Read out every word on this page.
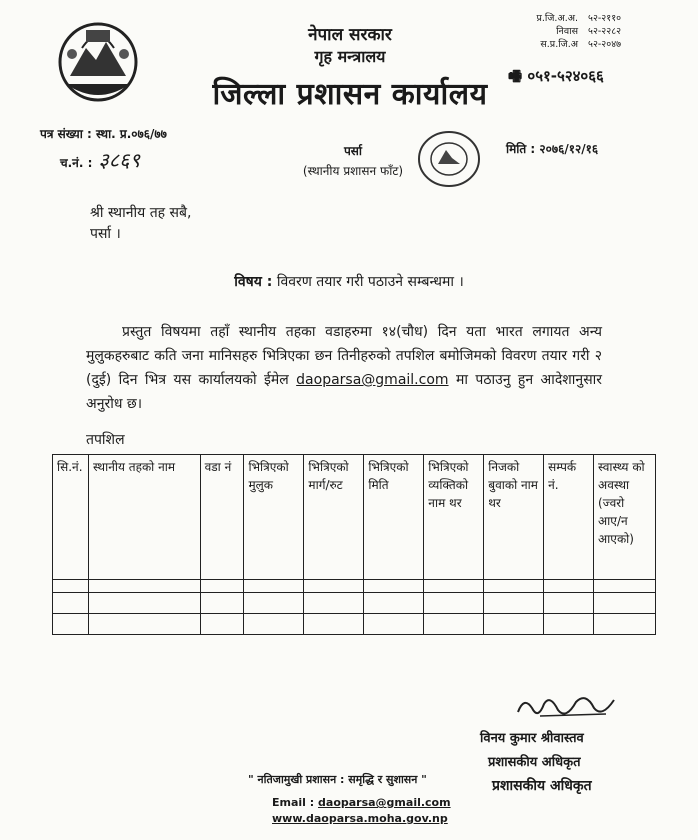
नेपाल सरकार
गृह मन्त्रालय
जिल्ला प्रशासन कार्यालय
प्र.जि.अ.अ. ५२-२११०
निवास ५२-२२८२
स.प्र.जि.अ ५२-२०४७
🖷 ०५१-५२४०६६
पत्र संख्या : स्था. प्र.०७६/७७
च.नं. : ३८६९	पर्सा
(स्थानीय प्रशासन फाँट)
मिति : २०७६/१२/१६
श्री स्थानीय तह सबै,
पर्सा ।
विषय : विवरण तयार गरी पठाउने सम्बन्धमा ।
प्रस्तुत विषयमा तहाँ स्थानीय तहका वडाहरुमा १४(चौध) दिन यता भारत लगायत अन्य मुलुकहरुबाट कति जना मानिसहरु भित्रिएका छन तिनीहरुको तपशिल बमोजिमको विवरण तयार गरी २ (दुई) दिन भित्र यस कार्यालयको ईमेल daoparsa@gmail.com मा पठाउनु हुन आदेशानुसार अनुरोध छ।
तपशिल
सि.नं.	स्थानीय तहको नाम	वडा नं	भित्रिएको मुलुक	भित्रिएको मार्ग/रुट	भित्रिएको मिति	भित्रिएको व्यक्तिको नाम थर	निजको बुवाको नाम थर	सम्पर्क नं.	स्वास्थ्य को अवस्था (ज्वरो आए/न आएको)

विनय कुमार श्रीवास्तव
प्रशासकीय अधिकृत
प्रशासकीय अधिकृत
" नतिजामुखी प्रशासन : समृद्धि र सुशासन "
Email : daoparsa@gmail.com
www.daoparsa.moha.gov.np
